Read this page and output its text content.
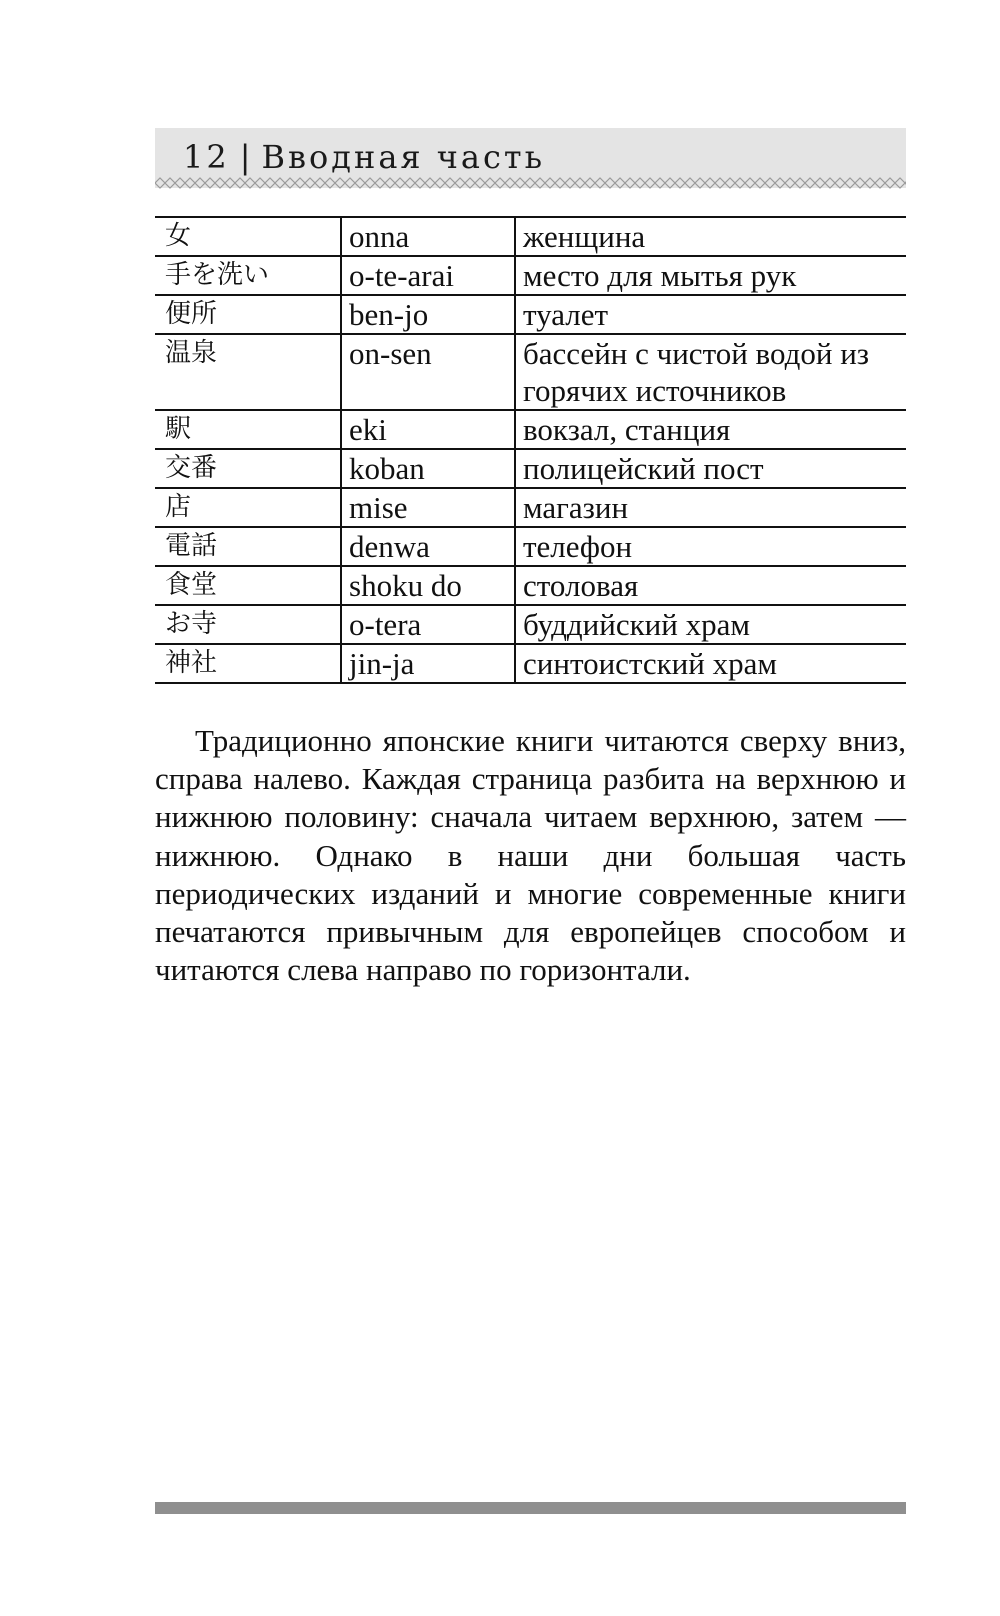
12 | Вводная часть
女	onna	женщина
手を洗い	o-te-arai	место для мытья рук
便所	ben-jo	туалет
温泉	on-sen	бассейн с чистой водой из горячих источников
駅	eki	вокзал, станция
交番	koban	полицейский пост
店	mise	магазин
電話	denwa	телефон
食堂	shoku do	столовая
お寺	o-tera	буддийский храм
神社	jin-ja	синтоистский храм

Традиционно японские книги читаются сверху вниз, справа налево. Каждая страница разбита на верхнюю и нижнюю половину: сначала читаем верхнюю, затем — нижнюю. Однако в наши дни большая часть периодических изданий и многие современные книги печатаются привычным для европейцев способом и читаются слева направо по горизонтали.
